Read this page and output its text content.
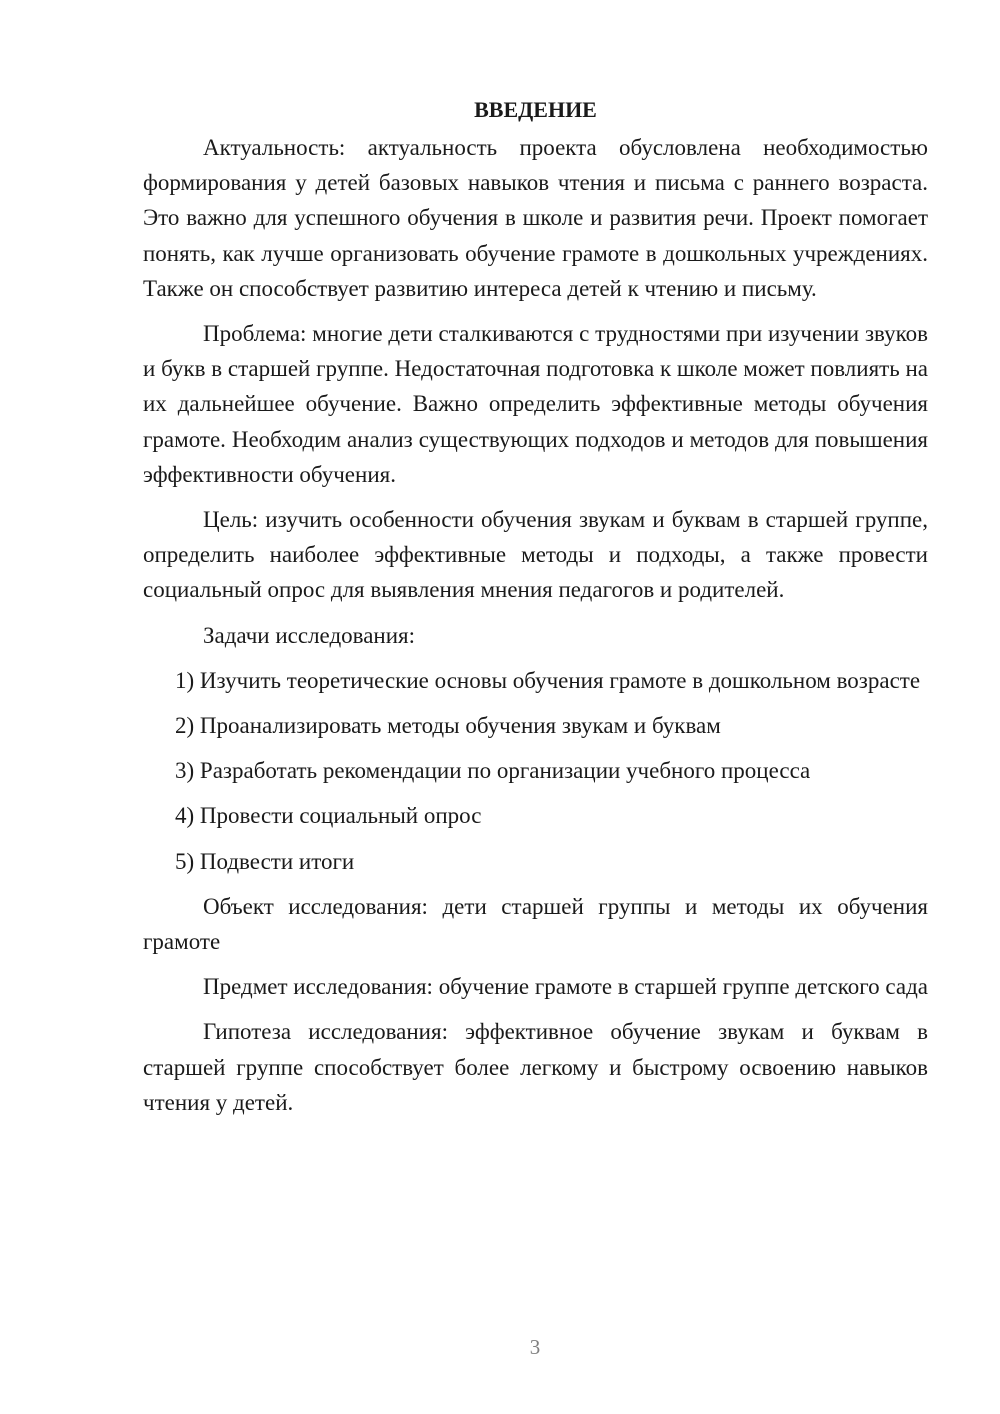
ВВЕДЕНИЕ

Актуальность: актуальность проекта обусловлена необходимостью формирования у детей базовых навыков чтения и письма с раннего возраста. Это важно для успешного обучения в школе и развития речи. Проект помогает понять, как лучше организовать обучение грамоте в дошкольных учреждениях. Также он способствует развитию интереса детей к чтению и письму.

Проблема: многие дети сталкиваются с трудностями при изучении звуков и букв в старшей группе. Недостаточная подготовка к школе может повлиять на их дальнейшее обучение. Важно определить эффективные методы обучения грамоте. Необходим анализ существующих подходов и методов для повышения эффективности обучения.

Цель: изучить особенности обучения звукам и буквам в старшей группе, определить наиболее эффективные методы и подходы, а также провести социальный опрос для выявления мнения педагогов и родителей.

Задачи исследования:

1) Изучить теоретические основы обучения грамоте в дошкольном возрасте

2) Проанализировать методы обучения звукам и буквам

3) Разработать рекомендации по организации учебного процесса

4) Провести социальный опрос

5) Подвести итоги

Объект исследования: дети старшей группы и методы их обучения грамоте

Предмет исследования: обучение грамоте в старшей группе детского сада

Гипотеза исследования: эффективное обучение звукам и буквам в старшей группе способствует более легкому и быстрому освоению навыков чтения у детей.

3
